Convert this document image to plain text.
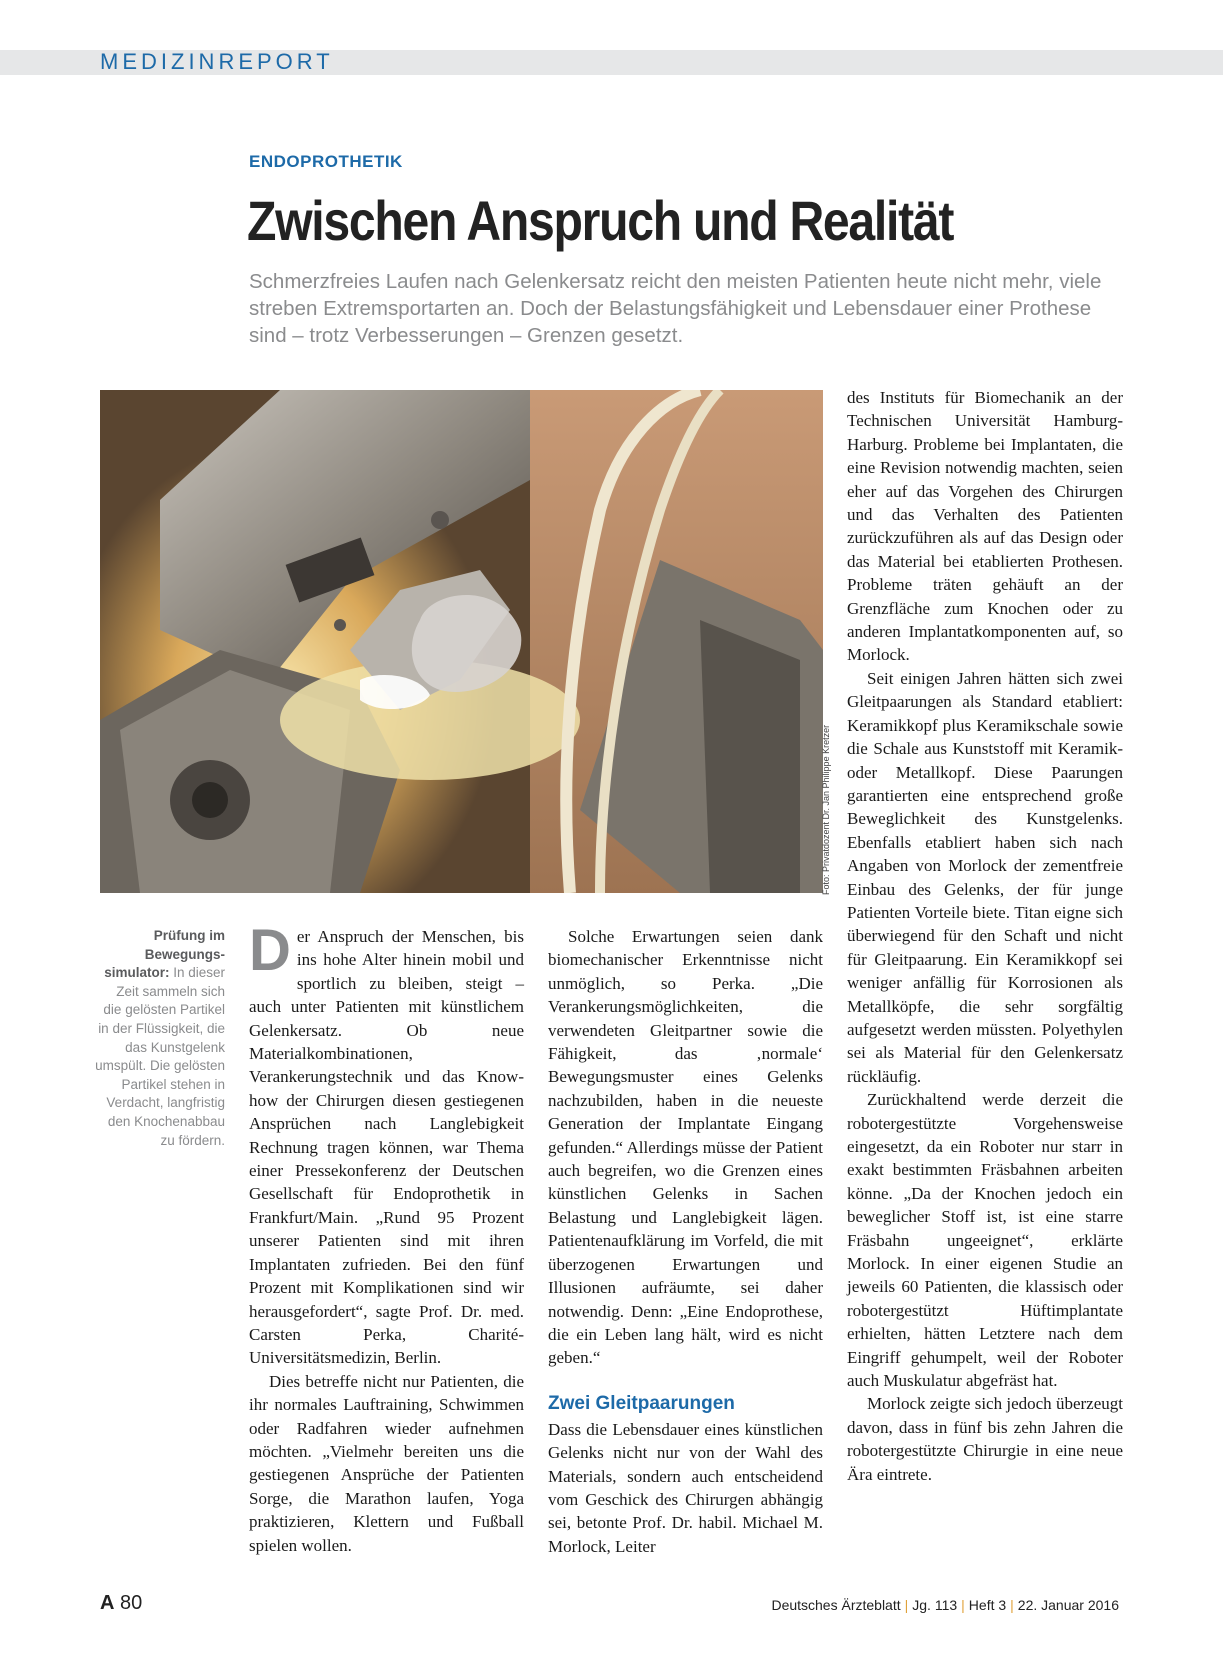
MEDIZINREPORT
ENDOPROTHETIK
Zwischen Anspruch und Realität
Schmerzfreies Laufen nach Gelenkersatz reicht den meisten Patienten heute nicht mehr, viele streben Extremsportarten an. Doch der Belastungsfähigkeit und Lebensdauer einer Prothese sind – trotz Verbesserungen – Grenzen gesetzt.
Foto: Privatdozent Dr. Jan Philippe Kretzer
Prüfung im Bewegungssimulator: In dieser Zeit sammeln sich die gelösten Partikel in der Flüssigkeit, die das Kunstgelenk umspült. Die gelösten Partikel stehen in Verdacht, langfristig den Knochenabbau zu fördern.

Der Anspruch der Menschen, bis ins hohe Alter hinein mobil und sportlich zu bleiben, steigt – auch unter Patienten mit künstlichem Gelenkersatz. Ob neue Materialkombinationen, Verankerungstechnik und das Know-how der Chirurgen diesen gestiegenen Ansprüchen nach Langlebigkeit Rechnung tragen können, war Thema einer Pressekonferenz der Deutschen Gesellschaft für Endoprothetik in Frankfurt/Main. „Rund 95 Prozent unserer Patienten sind mit ihren Implantaten zufrieden. Bei den fünf Prozent mit Komplikationen sind wir herausgefordert“, sagte Prof. Dr. med. Carsten Perka, Charité-Universitätsmedizin, Berlin.

Dies betreffe nicht nur Patienten, die ihr normales Lauftraining, Schwimmen oder Radfahren wieder aufnehmen möchten. „Vielmehr bereiten uns die gestiegenen Ansprüche der Patienten Sorge, die Marathon laufen, Yoga praktizieren, Klettern und Fußball spielen wollen.

Solche Erwartungen seien dank biomechanischer Erkenntnisse nicht unmöglich, so Perka. „Die Verankerungsmöglichkeiten, die verwendeten Gleitpartner sowie die Fähigkeit, das ‚normale‘ Bewegungsmuster eines Gelenks nachzubilden, haben in die neueste Generation der Implantate Eingang gefunden.“ Allerdings müsse der Patient auch begreifen, wo die Grenzen eines künstlichen Gelenks in Sachen Belastung und Langlebigkeit lägen. Patientenaufklärung im Vorfeld, die mit überzogenen Erwartungen und Illusionen aufräumte, sei daher notwendig. Denn: „Eine Endoprothese, die ein Leben lang hält, wird es nicht geben.“

Zwei Gleitpaarungen

Dass die Lebensdauer eines künstlichen Gelenks nicht nur von der Wahl des Materials, sondern auch entscheidend vom Geschick des Chirurgen abhängig sei, betonte Prof. Dr. habil. Michael M. Morlock, Leiter

des Instituts für Biomechanik an der Technischen Universität Hamburg-Harburg. Probleme bei Implantaten, die eine Revision notwendig machten, seien eher auf das Vorgehen des Chirurgen und das Verhalten des Patienten zurückzuführen als auf das Design oder das Material bei etablierten Prothesen. Probleme träten gehäuft an der Grenzfläche zum Knochen oder zu anderen Implantatkomponenten auf, so Morlock.

Seit einigen Jahren hätten sich zwei Gleitpaarungen als Standard etabliert: Keramikkopf plus Keramikschale sowie die Schale aus Kunststoff mit Keramik- oder Metallkopf. Diese Paarungen garantierten eine entsprechend große Beweglichkeit des Kunstgelenks. Ebenfalls etabliert haben sich nach Angaben von Morlock der zementfreie Einbau des Gelenks, der für junge Patienten Vorteile biete. Titan eigne sich überwiegend für den Schaft und nicht für Gleitpaarung. Ein Keramikkopf sei weniger anfällig für Korrosionen als Metallköpfe, die sehr sorgfältig aufgesetzt werden müssten. Polyethylen sei als Material für den Gelenkersatz rückläufig.

Zurückhaltend werde derzeit die robotergestützte Vorgehensweise eingesetzt, da ein Roboter nur starr in exakt bestimmten Fräsbahnen arbeiten könne. „Da der Knochen jedoch ein beweglicher Stoff ist, ist eine starre Fräsbahn ungeeignet“, erklärte Morlock. In einer eigenen Studie an jeweils 60 Patienten, die klassisch oder robotergestützt Hüftimplantate erhielten, hätten Letztere nach dem Eingriff gehumpelt, weil der Roboter auch Muskulatur abgefräst hat.

Morlock zeigte sich jedoch überzeugt davon, dass in fünf bis zehn Jahren die robotergestützte Chirurgie in eine neue Ära eintrete.

A 80	Deutsches Ärzteblatt | Jg. 113 | Heft 3 | 22. Januar 2016
